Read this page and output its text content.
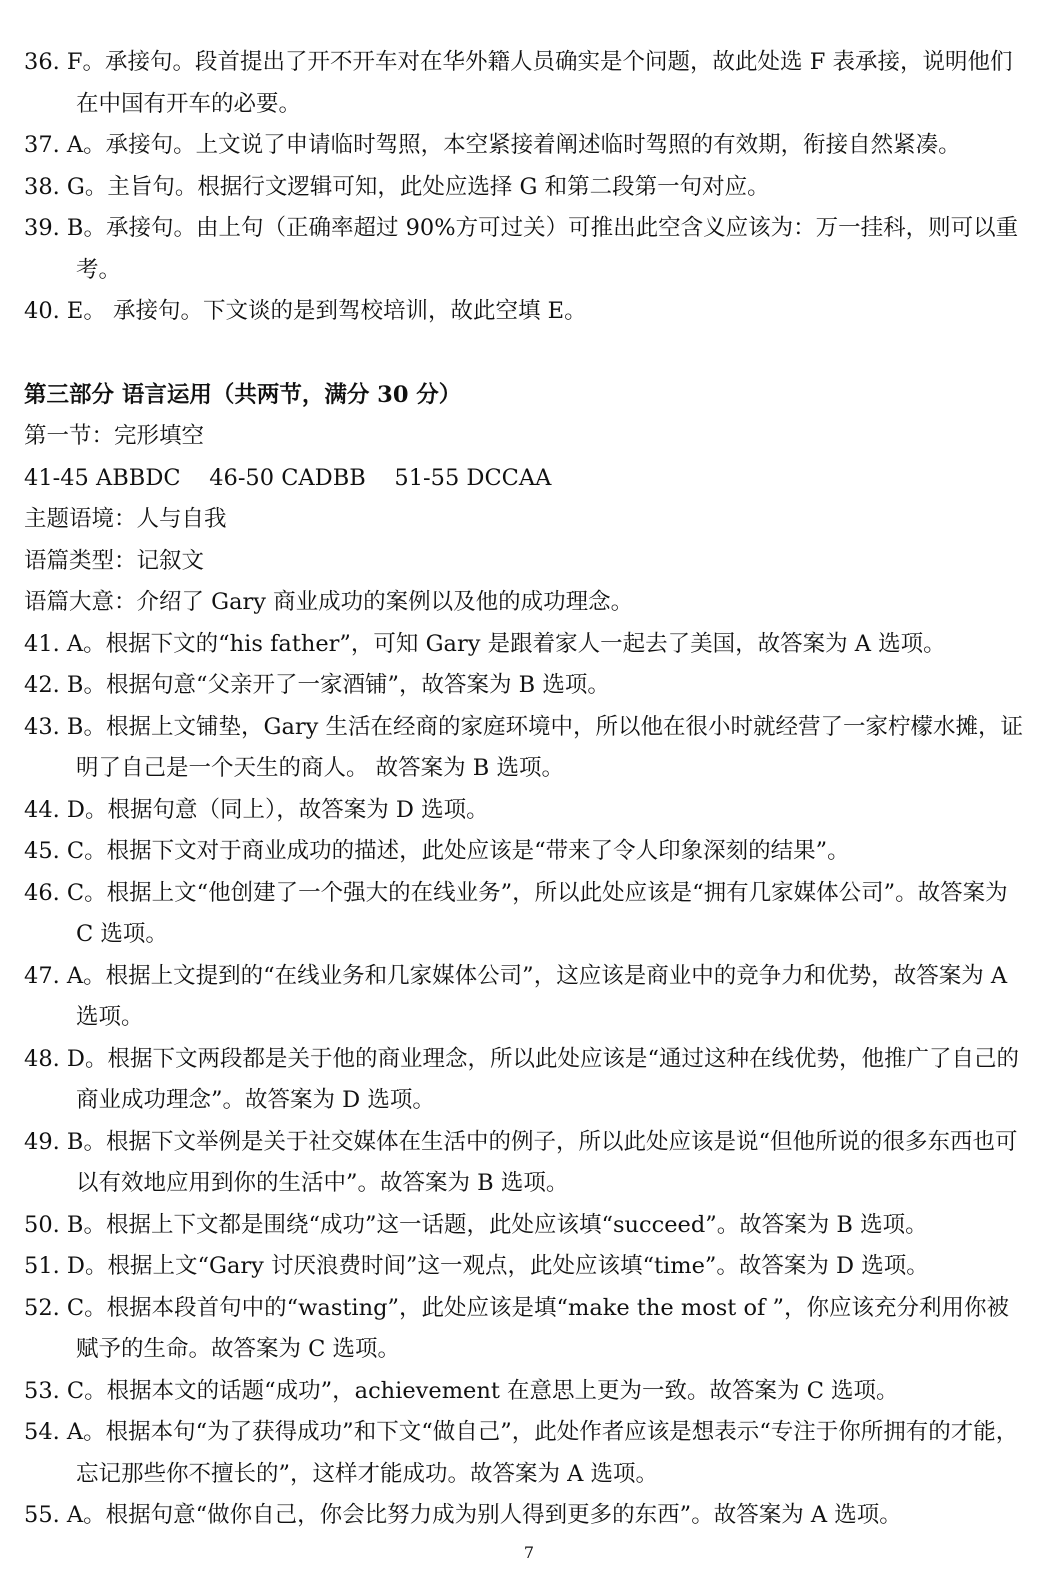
36. F。承接句。段首提出了开不开车对在华外籍人员确实是个问题，故此处选 F 表承接，说明他们在中国有开车的必要。
37. A。承接句。上文说了申请临时驾照，本空紧接着阐述临时驾照的有效期，衔接自然紧凑。
38. G。主旨句。根据行文逻辑可知，此处应选择 G 和第二段第一句对应。
39. B。承接句。由上句（正确率超过 90%方可过关）可推出此空含义应该为：万一挂科，则可以重考。
40. E。 承接句。下文谈的是到驾校培训，故此空填 E。
第三部分 语言运用（共两节，满分 30 分）
第一节：完形填空
41-45 ABBDC    46-50 CADBB    51-55 DCCAA
主题语境：人与自我
语篇类型：记叙文
语篇大意：介绍了 Gary 商业成功的案例以及他的成功理念。
41. A。根据下文的“his father”，可知 Gary 是跟着家人一起去了美国，故答案为 A 选项。
42. B。根据句意“父亲开了一家酒铺”，故答案为 B 选项。
43. B。根据上文铺垫，Gary 生活在经商的家庭环境中，所以他在很小时就经营了一家柠檬水摊，证明了自己是一个天生的商人。 故答案为 B 选项。
44. D。根据句意（同上），故答案为 D 选项。
45. C。根据下文对于商业成功的描述，此处应该是“带来了令人印象深刻的结果”。
46. C。根据上文“他创建了一个强大的在线业务”，所以此处应该是“拥有几家媒体公司”。故答案为 C 选项。
47. A。根据上文提到的“在线业务和几家媒体公司”，这应该是商业中的竞争力和优势，故答案为 A 选项。
48. D。根据下文两段都是关于他的商业理念，所以此处应该是“通过这种在线优势，他推广了自己的商业成功理念”。故答案为 D 选项。
49. B。根据下文举例是关于社交媒体在生活中的例子，所以此处应该是说“但他所说的很多东西也可以有效地应用到你的生活中”。故答案为 B 选项。
50. B。根据上下文都是围绕“成功”这一话题，此处应该填“succeed”。故答案为 B 选项。
51. D。根据上文“Gary 讨厌浪费时间”这一观点，此处应该填“time”。故答案为 D 选项。
52. C。根据本段首句中的“wasting”，此处应该是填“make the most of ”，你应该充分利用你被赋予的生命。故答案为 C 选项。
53. C。根据本文的话题“成功”，achievement 在意思上更为一致。故答案为 C 选项。
54. A。根据本句“为了获得成功”和下文“做自己”，此处作者应该是想表示“专注于你所拥有的才能，忘记那些你不擅长的”，这样才能成功。故答案为 A 选项。
55. A。根据句意“做你自己，你会比努力成为别人得到更多的东西”。故答案为 A 选项。
7
